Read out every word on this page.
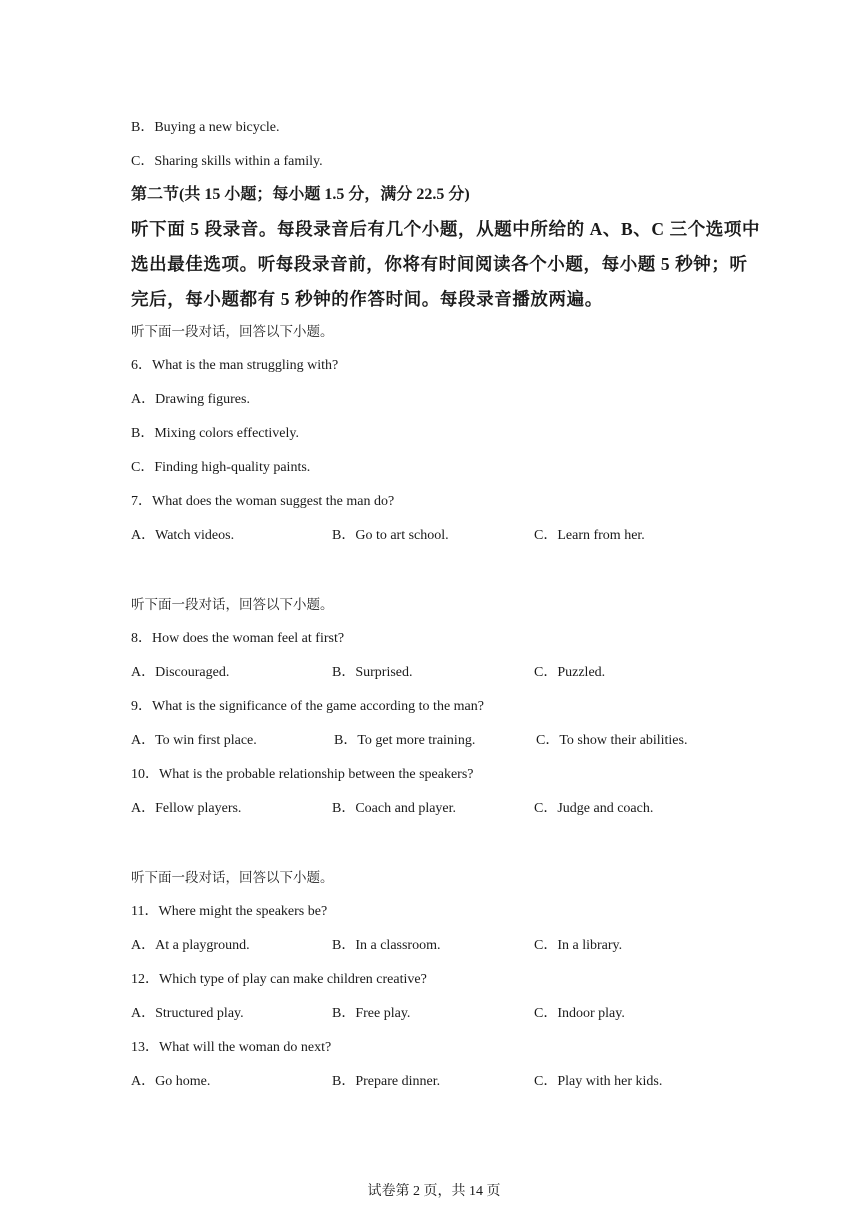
B．Buying a new bicycle.
C．Sharing skills within a family.
第二节(共 15 小题；每小题 1.5 分，满分 22.5 分)
听下面 5 段录音。每段录音后有几个小题，从题中所给的 A、B、C 三个选项中
选出最佳选项。听每段录音前，你将有时间阅读各个小题，每小题 5 秒钟；听
完后，每小题都有 5 秒钟的作答时间。每段录音播放两遍。
听下面一段对话，回答以下小题。
6．What is the man struggling with?
A．Drawing figures.
B．Mixing colors effectively.
C．Finding high-quality paints.
7．What does the woman suggest the man do?
A．Watch videos.	B．Go to art school.	C．Learn from her.
听下面一段对话，回答以下小题。
8．How does the woman feel at first?
A．Discouraged.	B．Surprised.	C．Puzzled.
9．What is the significance of the game according to the man?
A．To win first place.	B．To get more training.	C．To show their abilities.
10．What is the probable relationship between the speakers?
A．Fellow players.	B．Coach and player.	C．Judge and coach.
听下面一段对话，回答以下小题。
11．Where might the speakers be?
A．At a playground.	B．In a classroom.	C．In a library.
12．Which type of play can make children creative?
A．Structured play.	B．Free play.	C．Indoor play.
13．What will the woman do next?
A．Go home.	B．Prepare dinner.	C．Play with her kids.
试卷第 2 页，共 14 页
